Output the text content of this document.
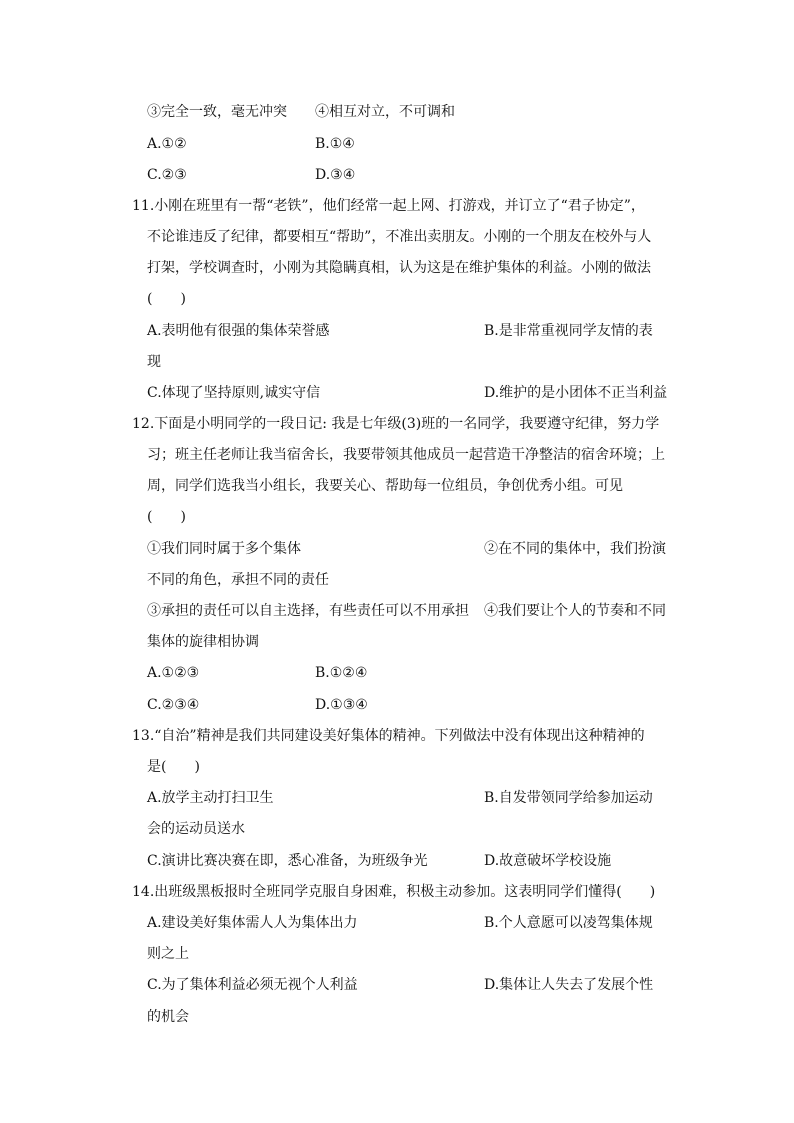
③完全一致，毫无冲突 ④相互对立，不可调和
A.①②	B.①④
C.②③	D.③④
11.小刚在班里有一帮“老铁”，他们经常一起上网、打游戏，并订立了“君子协定”，
不论谁违反了纪律，都要相互“帮助”，不准出卖朋友。小刚的一个朋友在校外与人
打架，学校调查时，小刚为其隐瞒真相，认为这是在维护集体的利益。小刚的做法
(　　)
A.表明他有很强的集体荣誉感	B.是非常重视同学友情的表
现
C.体现了坚持原则,诚实守信	D.维护的是小团体不正当利益
12.下面是小明同学的一段日记: 我是七年级(3)班的一名同学，我要遵守纪律，努力学
习；班主任老师让我当宿舍长，我要带领其他成员一起营造干净整洁的宿舍环境；上
周，同学们选我当小组长，我要关心、帮助每一位组员，争创优秀小组。可见
(　　)
①我们同时属于多个集体	②在不同的集体中，我们扮演
不同的角色，承担不同的责任
③承担的责任可以自主选择，有些责任可以不用承担 ④我们要让个人的节奏和不同
集体的旋律相协调
A.①②③	B.①②④
C.②③④	D.①③④
13.“自治”精神是我们共同建设美好集体的精神。下列做法中没有体现出这种精神的
是(　　)
A.放学主动打扫卫生	B.自发带领同学给参加运动
会的运动员送水
C.演讲比赛决赛在即，悉心准备，为班级争光	D.故意破坏学校设施
14.出班级黑板报时全班同学克服自身困难，积极主动参加。这表明同学们懂得(　　)
A.建设美好集体需人人为集体出力	B.个人意愿可以凌驾集体规
则之上
C.为了集体利益必须无视个人利益	D.集体让人失去了发展个性
的机会
